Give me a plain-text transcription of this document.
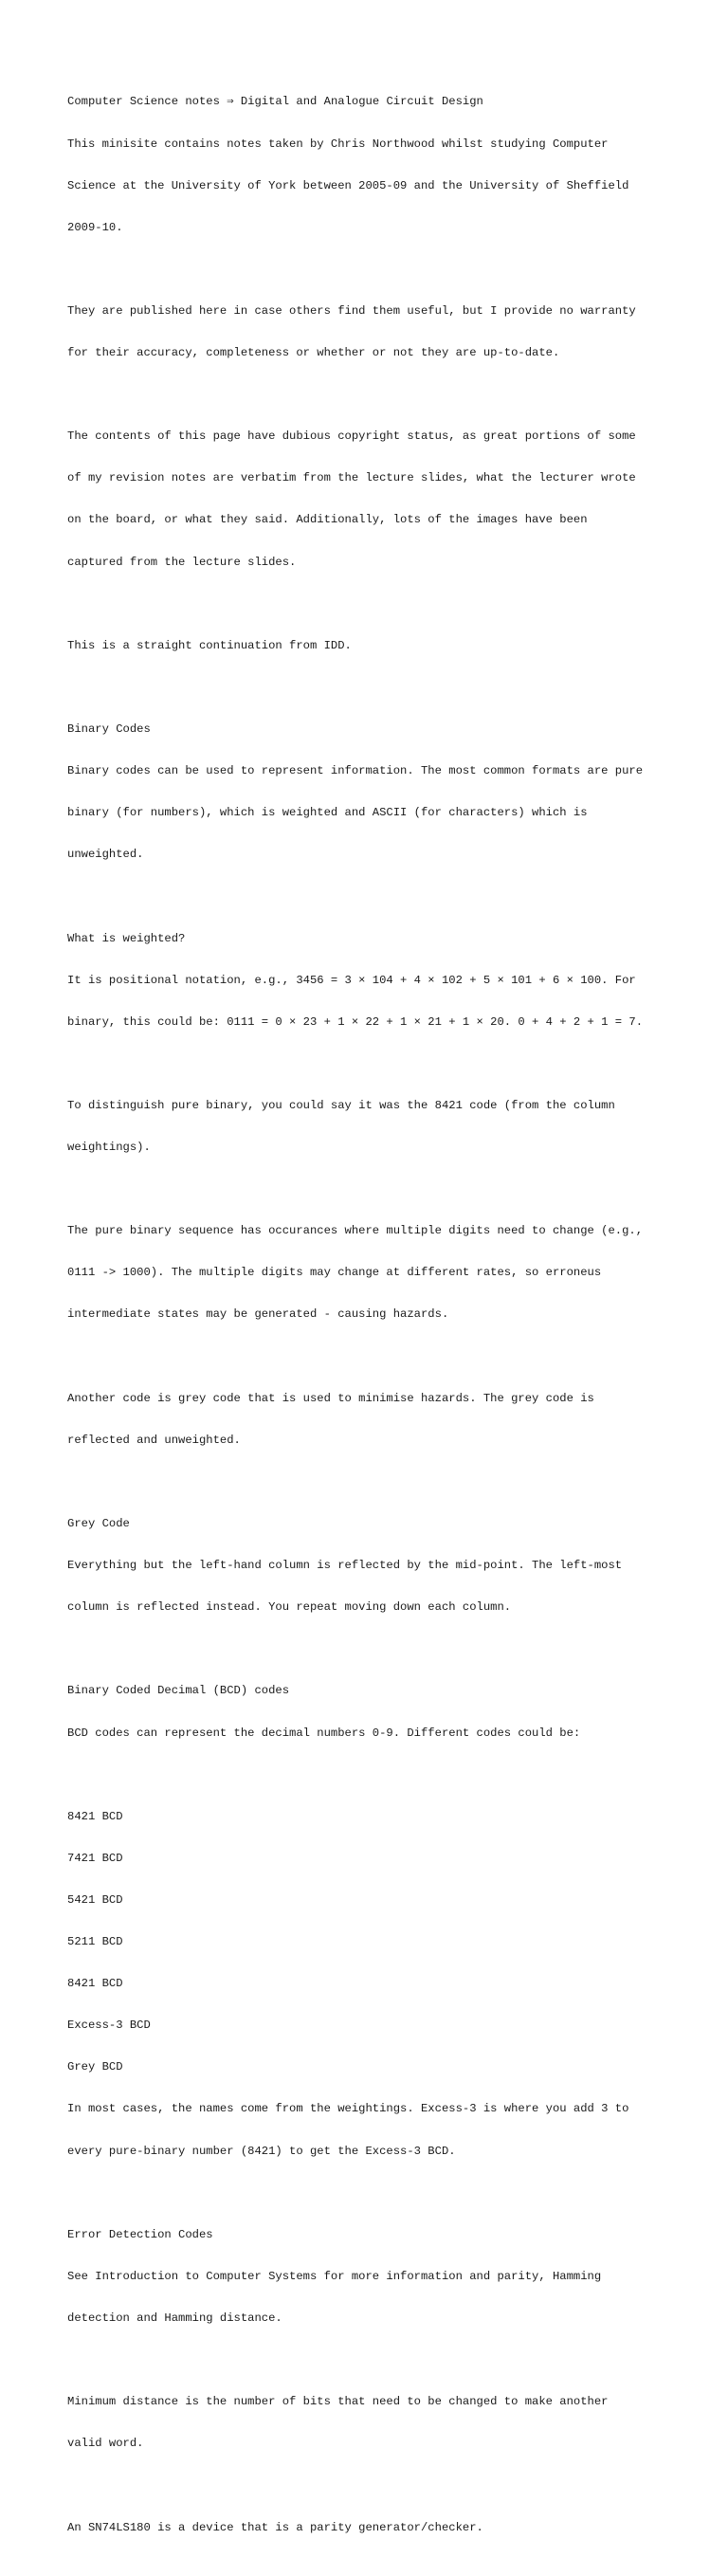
Computer Science notes ⇒ Digital and Analogue Circuit Design

This minisite contains notes taken by Chris Northwood whilst studying Computer

Science at the University of York between 2005-09 and the University of Sheffield

2009-10.

They are published here in case others find them useful, but I provide no warranty

for their accuracy, completeness or whether or not they are up-to-date.

The contents of this page have dubious copyright status, as great portions of some

of my revision notes are verbatim from the lecture slides, what the lecturer wrote

on the board, or what they said. Additionally, lots of the images have been

captured from the lecture slides.

This is a straight continuation from IDD.

Binary Codes

Binary codes can be used to represent information. The most common formats are pure

binary (for numbers), which is weighted and ASCII (for characters) which is

unweighted.

What is weighted?

It is positional notation, e.g., 3456 = 3 × 104 + 4 × 102 + 5 × 101 + 6 × 100. For

binary, this could be: 0111 = 0 × 23 + 1 × 22 + 1 × 21 + 1 × 20. 0 + 4 + 2 + 1 = 7.

To distinguish pure binary, you could say it was the 8421 code (from the column

weightings).

The pure binary sequence has occurances where multiple digits need to change (e.g.,

0111 -> 1000). The multiple digits may change at different rates, so erroneus

intermediate states may be generated - causing hazards.

Another code is grey code that is used to minimise hazards. The grey code is

reflected and unweighted.

Grey Code

Everything but the left-hand column is reflected by the mid-point. The left-most

column is reflected instead. You repeat moving down each column.

Binary Coded Decimal (BCD) codes

BCD codes can represent the decimal numbers 0-9. Different codes could be:

8421 BCD

7421 BCD

5421 BCD

5211 BCD

8421 BCD

Excess-3 BCD

Grey BCD

In most cases, the names come from the weightings. Excess-3 is where you add 3 to

every pure-binary number (8421) to get the Excess-3 BCD.

Error Detection Codes

See Introduction to Computer Systems for more information and parity, Hamming

detection and Hamming distance.

Minimum distance is the number of bits that need to be changed to make another

valid word.

An SN74LS180 is a device that is a parity generator/checker.
